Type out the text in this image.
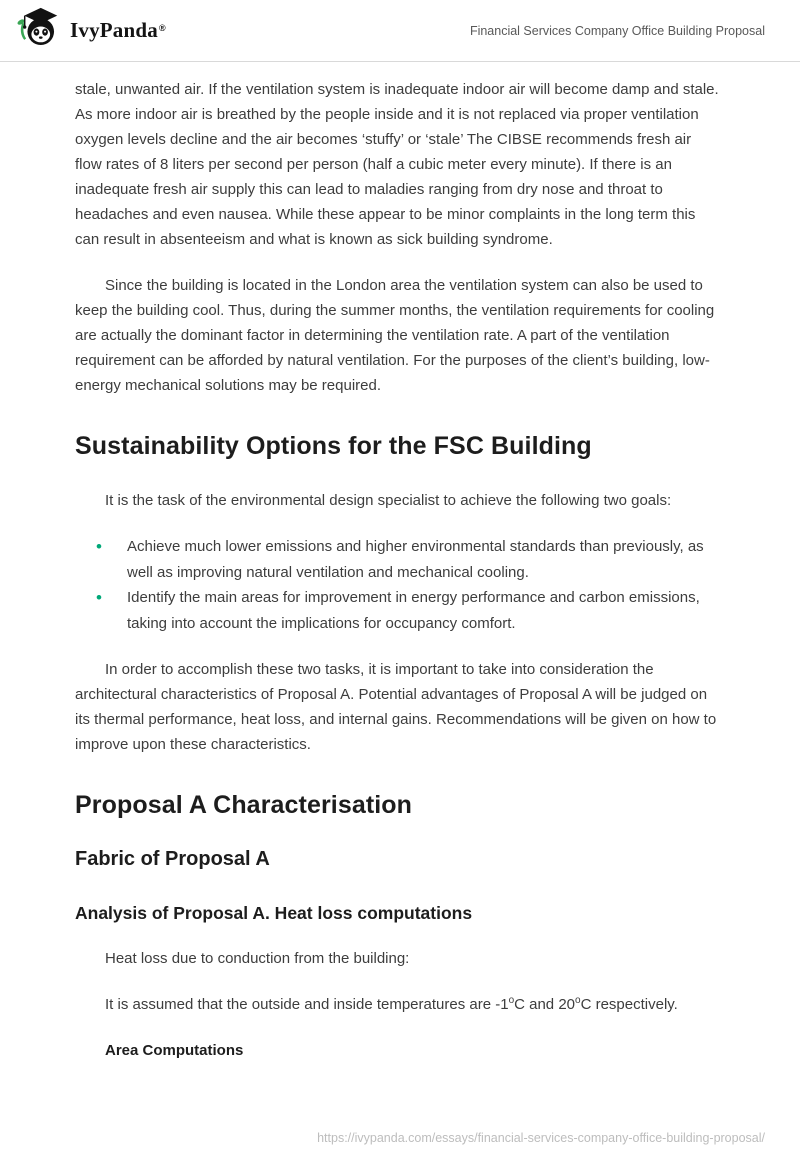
IvyPanda®	Financial Services Company Office Building Proposal

stale, unwanted air. If the ventilation system is inadequate indoor air will become damp and stale. As more indoor air is breathed by the people inside and it is not replaced via proper ventilation oxygen levels decline and the air becomes ‘stuffy’ or ‘stale’ The CIBSE recommends fresh air flow rates of 8 liters per second per person (half a cubic meter every minute). If there is an inadequate fresh air supply this can lead to maladies ranging from dry nose and throat to headaches and even nausea. While these appear to be minor complaints in the long term this can result in absenteeism and what is known as sick building syndrome.

Since the building is located in the London area the ventilation system can also be used to keep the building cool. Thus, during the summer months, the ventilation requirements for cooling are actually the dominant factor in determining the ventilation rate. A part of the ventilation requirement can be afforded by natural ventilation. For the purposes of the client’s building, low-energy mechanical solutions may be required.

Sustainability Options for the FSC Building

It is the task of the environmental design specialist to achieve the following two goals:

• Achieve much lower emissions and higher environmental standards than previously, as well as improving natural ventilation and mechanical cooling.
• Identify the main areas for improvement in energy performance and carbon emissions, taking into account the implications for occupancy comfort.

In order to accomplish these two tasks, it is important to take into consideration the architectural characteristics of Proposal A. Potential advantages of Proposal A will be judged on its thermal performance, heat loss, and internal gains. Recommendations will be given on how to improve upon these characteristics.

Proposal A Characterisation
Fabric of Proposal A
Analysis of Proposal A. Heat loss computations

Heat loss due to conduction from the building:

It is assumed that the outside and inside temperatures are -1$^o$C and 20$^o$C respectively.

Area Computations

https://ivypanda.com/essays/financial-services-company-office-building-proposal/
